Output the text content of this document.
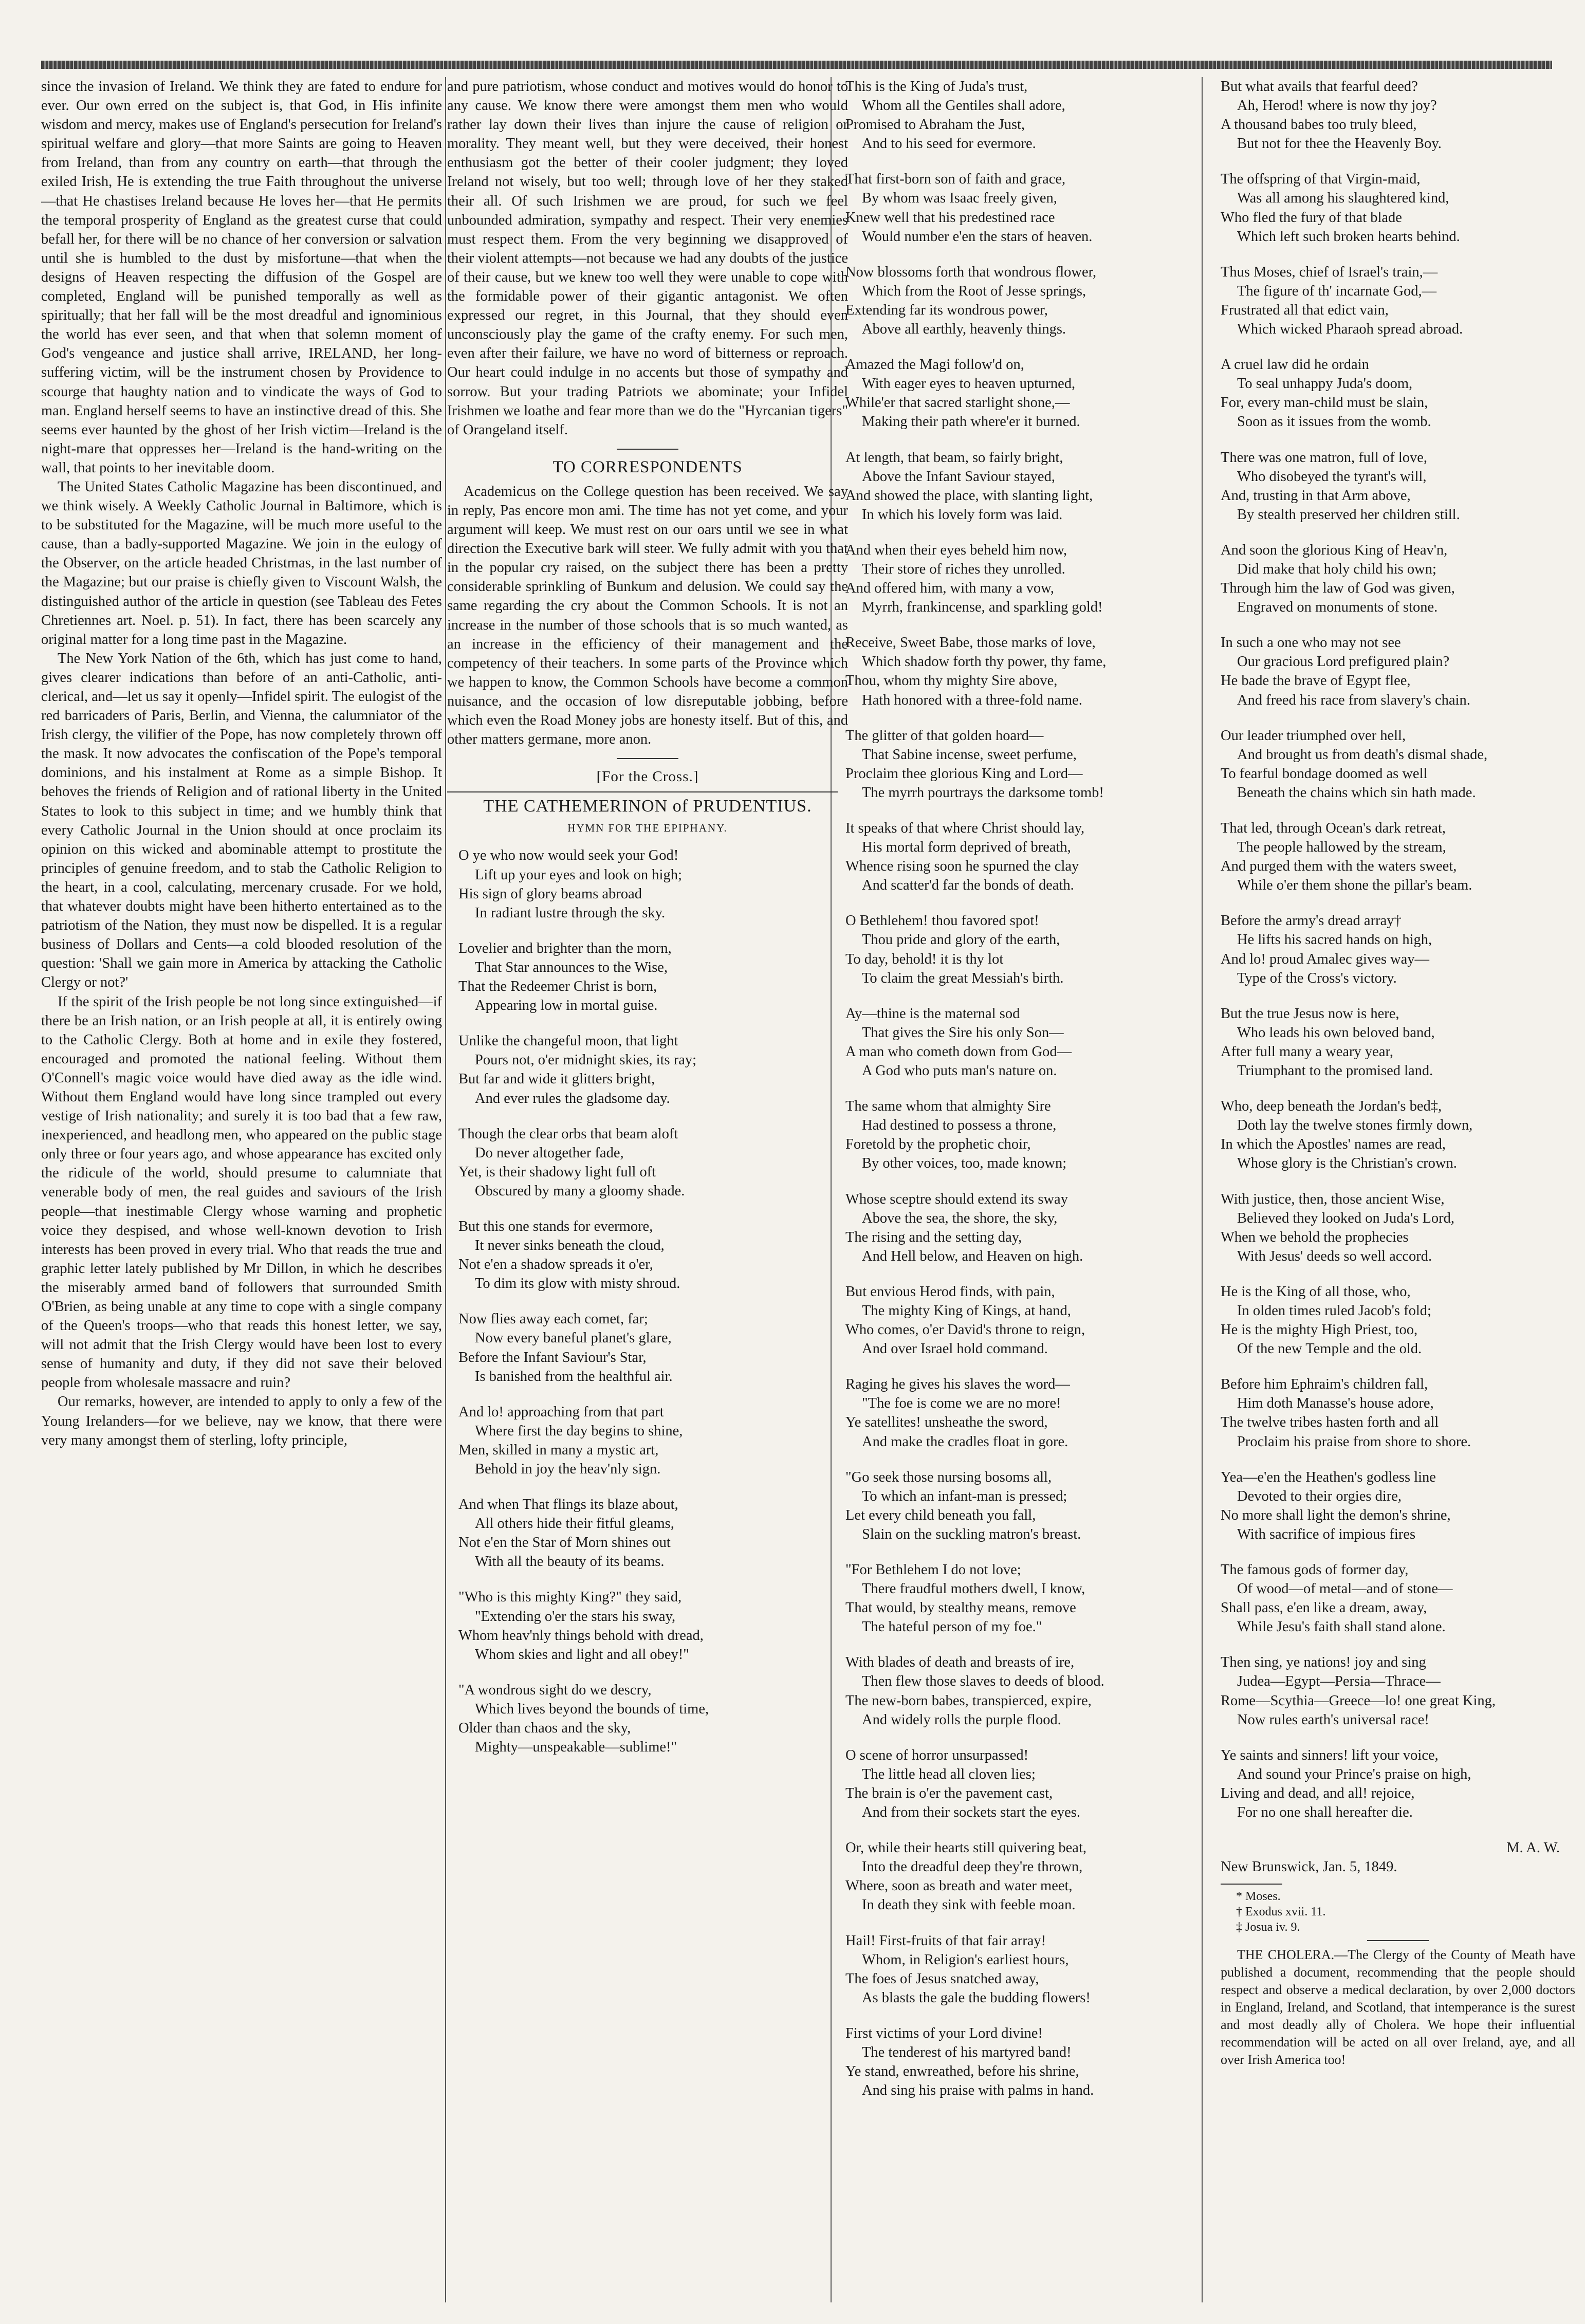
since the invasion of Ireland. We think they are fated to endure for ever. Our own erred on the subject is, that God, in His infinite wisdom and mercy, makes use of England's persecution for Ireland's spiritual welfare and glory—that more Saints are going to Heaven from Ireland, than from any country on earth—that through the exiled Irish, He is extending the true Faith throughout the universe—that He chastises Ireland because He loves her—that He permits the temporal prosperity of England as the greatest curse that could befall her, for there will be no chance of her conversion or salvation until she is humbled to the dust by misfortune—that when the designs of Heaven respecting the diffusion of the Gospel are completed, England will be punished temporally as well as spiritually; that her fall will be the most dreadful and ignominious the world has ever seen, and that when that solemn moment of God's vengeance and justice shall arrive, IRELAND, her long-suffering victim, will be the instrument chosen by Providence to scourge that haughty nation and to vindicate the ways of God to man. England herself seems to have an instinctive dread of this. She seems ever haunted by the ghost of her Irish victim—Ireland is the night-mare that oppresses her—Ireland is the hand-writing on the wall, that points to her inevitable doom.

The United States Catholic Magazine has been discontinued, and we think wisely. A Weekly Catholic Journal in Baltimore, which is to be substituted for the Magazine, will be much more useful to the cause, than a badly-supported Magazine. We join in the eulogy of the Observer, on the article headed Christmas, in the last number of the Magazine; but our praise is chiefly given to Viscount Walsh, the distinguished author of the article in question (see Tableau des Fetes Chretiennes art. Noel. p. 51). In fact, there has been scarcely any original matter for a long time past in the Magazine.

The New York Nation of the 6th, which has just come to hand, gives clearer indications than before of an anti-Catholic, anti-clerical, and—let us say it openly—Infidel spirit. The eulogist of the red barricaders of Paris, Berlin, and Vienna, the calumniator of the Irish clergy, the vilifier of the Pope, has now completely thrown off the mask. It now advocates the confiscation of the Pope's temporal dominions, and his instalment at Rome as a simple Bishop. It behoves the friends of Religion and of rational liberty in the United States to look to this subject in time; and we humbly think that every Catholic Journal in the Union should at once proclaim its opinion on this wicked and abominable attempt to prostitute the principles of genuine freedom, and to stab the Catholic Religion to the heart, in a cool, calculating, mercenary crusade. For we hold, that whatever doubts might have been hitherto entertained as to the patriotism of the Nation, they must now be dispelled. It is a regular business of Dollars and Cents—a cold blooded resolution of the question: 'Shall we gain more in America by attacking the Catholic Clergy or not?'

If the spirit of the Irish people be not long since extinguished—if there be an Irish nation, or an Irish people at all, it is entirely owing to the Catholic Clergy. Both at home and in exile they fostered, encouraged and promoted the national feeling. Without them O'Connell's magic voice would have died away as the idle wind. Without them England would have long since trampled out every vestige of Irish nationality; and surely it is too bad that a few raw, inexperienced, and headlong men, who appeared on the public stage only three or four years ago, and whose appearance has excited only the ridicule of the world, should presume to calumniate that venerable body of men, the real guides and saviours of the Irish people—that inestimable Clergy whose warning and prophetic voice they despised, and whose well-known devotion to Irish interests has been proved in every trial. Who that reads the true and graphic letter lately published by Mr Dillon, in which he describes the miserably armed band of followers that surrounded Smith O'Brien, as being unable at any time to cope with a single company of the Queen's troops—who that reads this honest letter, we say, will not admit that the Irish Clergy would have been lost to every sense of humanity and duty, if they did not save their beloved people from wholesale massacre and ruin?

Our remarks, however, are intended to apply to only a few of the Young Irelanders—for we believe, nay we know, that there were very many amongst them of sterling, lofty principle,

and pure patriotism, whose conduct and motives would do honor to any cause. We know there were amongst them men who would rather lay down their lives than injure the cause of religion or morality. They meant well, but they were deceived, their honest enthusiasm got the better of their cooler judgment; they loved Ireland not wisely, but too well; through love of her they staked their all. Of such Irishmen we are proud, for such we feel unbounded admiration, sympathy and respect. Their very enemies must respect them. From the very beginning we disapproved of their violent attempts—not because we had any doubts of the justice of their cause, but we knew too well they were unable to cope with the formidable power of their gigantic antagonist. We often expressed our regret, in this Journal, that they should even unconsciously play the game of the crafty enemy. For such men, even after their failure, we have no word of bitterness or reproach. Our heart could indulge in no accents but those of sympathy and sorrow. But your trading Patriots we abominate; your Infidel Irishmen we loathe and fear more than we do the "Hyrcanian tigers" of Orangeland itself.

TO CORRESPONDENTS

Academicus on the College question has been received. We say in reply, Pas encore mon ami. The time has not yet come, and your argument will keep. We must rest on our oars until we see in what direction the Executive bark will steer. We fully admit with you that in the popular cry raised, on the subject there has been a pretty considerable sprinkling of Bunkum and delusion. We could say the same regarding the cry about the Common Schools. It is not an increase in the number of those schools that is so much wanted, as an increase in the efficiency of their management and the competency of their teachers. In some parts of the Province which we happen to know, the Common Schools have become a common nuisance, and the occasion of low disreputable jobbing, before which even the Road Money jobs are honesty itself. But of this, and other matters germane, more anon.

[For the Cross.]
THE CATHEMERINON of PRUDENTIUS.
HYMN FOR THE EPIPHANY.
O ye who now would seek your God!
Lift up your eyes and look on high;
His sign of glory beams abroad
In radiant lustre through the sky.
Lovelier and brighter than the morn,
That Star announces to the Wise,
That the Redeemer Christ is born,
Appearing low in mortal guise.
Unlike the changeful moon, that light
Pours not, o'er midnight skies, its ray;
But far and wide it glitters bright,
And ever rules the gladsome day.
Though the clear orbs that beam aloft
Do never altogether fade,
Yet, is their shadowy light full oft
Obscured by many a gloomy shade.
But this one stands for evermore,
It never sinks beneath the cloud,
Not e'en a shadow spreads it o'er,
To dim its glow with misty shroud.
Now flies away each comet, far;
Now every baneful planet's glare,
Before the Infant Saviour's Star,
Is banished from the healthful air.
And lo! approaching from that part
Where first the day begins to shine,
Men, skilled in many a mystic art,
Behold in joy the heav'nly sign.
And when That flings its blaze about,
All others hide their fitful gleams,
Not e'en the Star of Morn shines out
With all the beauty of its beams.
"Who is this mighty King?" they said,
"Extending o'er the stars his sway,
Whom heav'nly things behold with dread,
Whom skies and light and all obey!"
"A wondrous sight do we descry,
Which lives beyond the bounds of time,
Older than chaos and the sky,
Mighty—unspeakable—sublime!"
This is the King of Juda's trust,
Whom all the Gentiles shall adore,
Promised to Abraham the Just,
And to his seed for evermore.
That first-born son of faith and grace,
By whom was Isaac freely given,
Knew well that his predestined race
Would number e'en the stars of heaven.
Now blossoms forth that wondrous flower,
Which from the Root of Jesse springs,
Extending far its wondrous power,
Above all earthly, heavenly things.
Amazed the Magi follow'd on,
With eager eyes to heaven upturned,
While'er that sacred starlight shone,—
Making their path where'er it burned.
At length, that beam, so fairly bright,
Above the Infant Saviour stayed,
And showed the place, with slanting light,
In which his lovely form was laid.
And when their eyes beheld him now,
Their store of riches they unrolled.
And offered him, with many a vow,
Myrrh, frankincense, and sparkling gold!
Receive, Sweet Babe, those marks of love,
Which shadow forth thy power, thy fame,
Thou, whom thy mighty Sire above,
Hath honored with a three-fold name.
The glitter of that golden hoard—
That Sabine incense, sweet perfume,
Proclaim thee glorious King and Lord—
The myrrh pourtrays the darksome tomb!
It speaks of that where Christ should lay,
His mortal form deprived of breath,
Whence rising soon he spurned the clay
And scatter'd far the bonds of death.
O Bethlehem! thou favored spot!
Thou pride and glory of the earth,
To day, behold! it is thy lot
To claim the great Messiah's birth.
Ay—thine is the maternal sod
That gives the Sire his only Son—
A man who cometh down from God—
A God who puts man's nature on.
The same whom that almighty Sire
Had destined to possess a throne,
Foretold by the prophetic choir,
By other voices, too, made known;
Whose sceptre should extend its sway
Above the sea, the shore, the sky,
The rising and the setting day,
And Hell below, and Heaven on high.
But envious Herod finds, with pain,
The mighty King of Kings, at hand,
Who comes, o'er David's throne to reign,
And over Israel hold command.
Raging he gives his slaves the word—
"The foe is come we are no more!
Ye satellites! unsheathe the sword,
And make the cradles float in gore.
"Go seek those nursing bosoms all,
To which an infant-man is pressed;
Let every child beneath you fall,
Slain on the suckling matron's breast.
"For Bethlehem I do not love;
There fraudful mothers dwell, I know,
That would, by stealthy means, remove
The hateful person of my foe."
With blades of death and breasts of ire,
Then flew those slaves to deeds of blood.
The new-born babes, transpierced, expire,
And widely rolls the purple flood.
O scene of horror unsurpassed!
The little head all cloven lies;
The brain is o'er the pavement cast,
And from their sockets start the eyes.
Or, while their hearts still quivering beat,
Into the dreadful deep they're thrown,
Where, soon as breath and water meet,
In death they sink with feeble moan.
Hail! First-fruits of that fair array!
Whom, in Religion's earliest hours,
The foes of Jesus snatched away,
As blasts the gale the budding flowers!
First victims of your Lord divine!
The tenderest of his martyred band!
Ye stand, enwreathed, before his shrine,
And sing his praise with palms in hand.
But what avails that fearful deed?
Ah, Herod! where is now thy joy?
A thousand babes too truly bleed,
But not for thee the Heavenly Boy.
The offspring of that Virgin-maid,
Was all among his slaughtered kind,
Who fled the fury of that blade
Which left such broken hearts behind.
Thus Moses, chief of Israel's train,—
The figure of th' incarnate God,—
Frustrated all that edict vain,
Which wicked Pharaoh spread abroad.
A cruel law did he ordain
To seal unhappy Juda's doom,
For, every man-child must be slain,
Soon as it issues from the womb.
There was one matron, full of love,
Who disobeyed the tyrant's will,
And, trusting in that Arm above,
By stealth preserved her children still.
And soon the glorious King of Heav'n,
Did make that holy child his own;
Through him the law of God was given,
Engraved on monuments of stone.
In such a one who may not see
Our gracious Lord prefigured plain?
He bade the brave of Egypt flee,
And freed his race from slavery's chain.
Our leader triumphed over hell,
And brought us from death's dismal shade,
To fearful bondage doomed as well
Beneath the chains which sin hath made.
That led, through Ocean's dark retreat,
The people hallowed by the stream,
And purged them with the waters sweet,
While o'er them shone the pillar's beam.
Before the army's dread array†
He lifts his sacred hands on high,
And lo! proud Amalec gives way—
Type of the Cross's victory.
But the true Jesus now is here,
Who leads his own beloved band,
After full many a weary year,
Triumphant to the promised land.
Who, deep beneath the Jordan's bed‡,
Doth lay the twelve stones firmly down,
In which the Apostles' names are read,
Whose glory is the Christian's crown.
With justice, then, those ancient Wise,
Believed they looked on Juda's Lord,
When we behold the prophecies
With Jesus' deeds so well accord.
He is the King of all those, who,
In olden times ruled Jacob's fold;
He is the mighty High Priest, too,
Of the new Temple and the old.
Before him Ephraim's children fall,
Him doth Manasse's house adore,
The twelve tribes hasten forth and all
Proclaim his praise from shore to shore.
Yea—e'en the Heathen's godless line
Devoted to their orgies dire,
No more shall light the demon's shrine,
With sacrifice of impious fires
The famous gods of former day,
Of wood—of metal—and of stone—
Shall pass, e'en like a dream, away,
While Jesu's faith shall stand alone.
Then sing, ye nations! joy and sing
Judea—Egypt—Persia—Thrace—
Rome—Scythia—Greece—lo! one great King,
Now rules earth's universal race!
Ye saints and sinners! lift your voice,
And sound your Prince's praise on high,
Living and dead, and all! rejoice,
For no one shall hereafter die.
M. A. W.
New Brunswick, Jan. 5, 1849.
* Moses.
† Exodus xvii. 11.
‡ Josua iv. 9.

THE CHOLERA.—The Clergy of the County of Meath have published a document, recommending that the people should respect and observe a medical declaration, by over 2,000 doctors in England, Ireland, and Scotland, that intemperance is the surest and most deadly ally of Cholera. We hope their influential recommendation will be acted on all over Ireland, aye, and all over Irish America too!
